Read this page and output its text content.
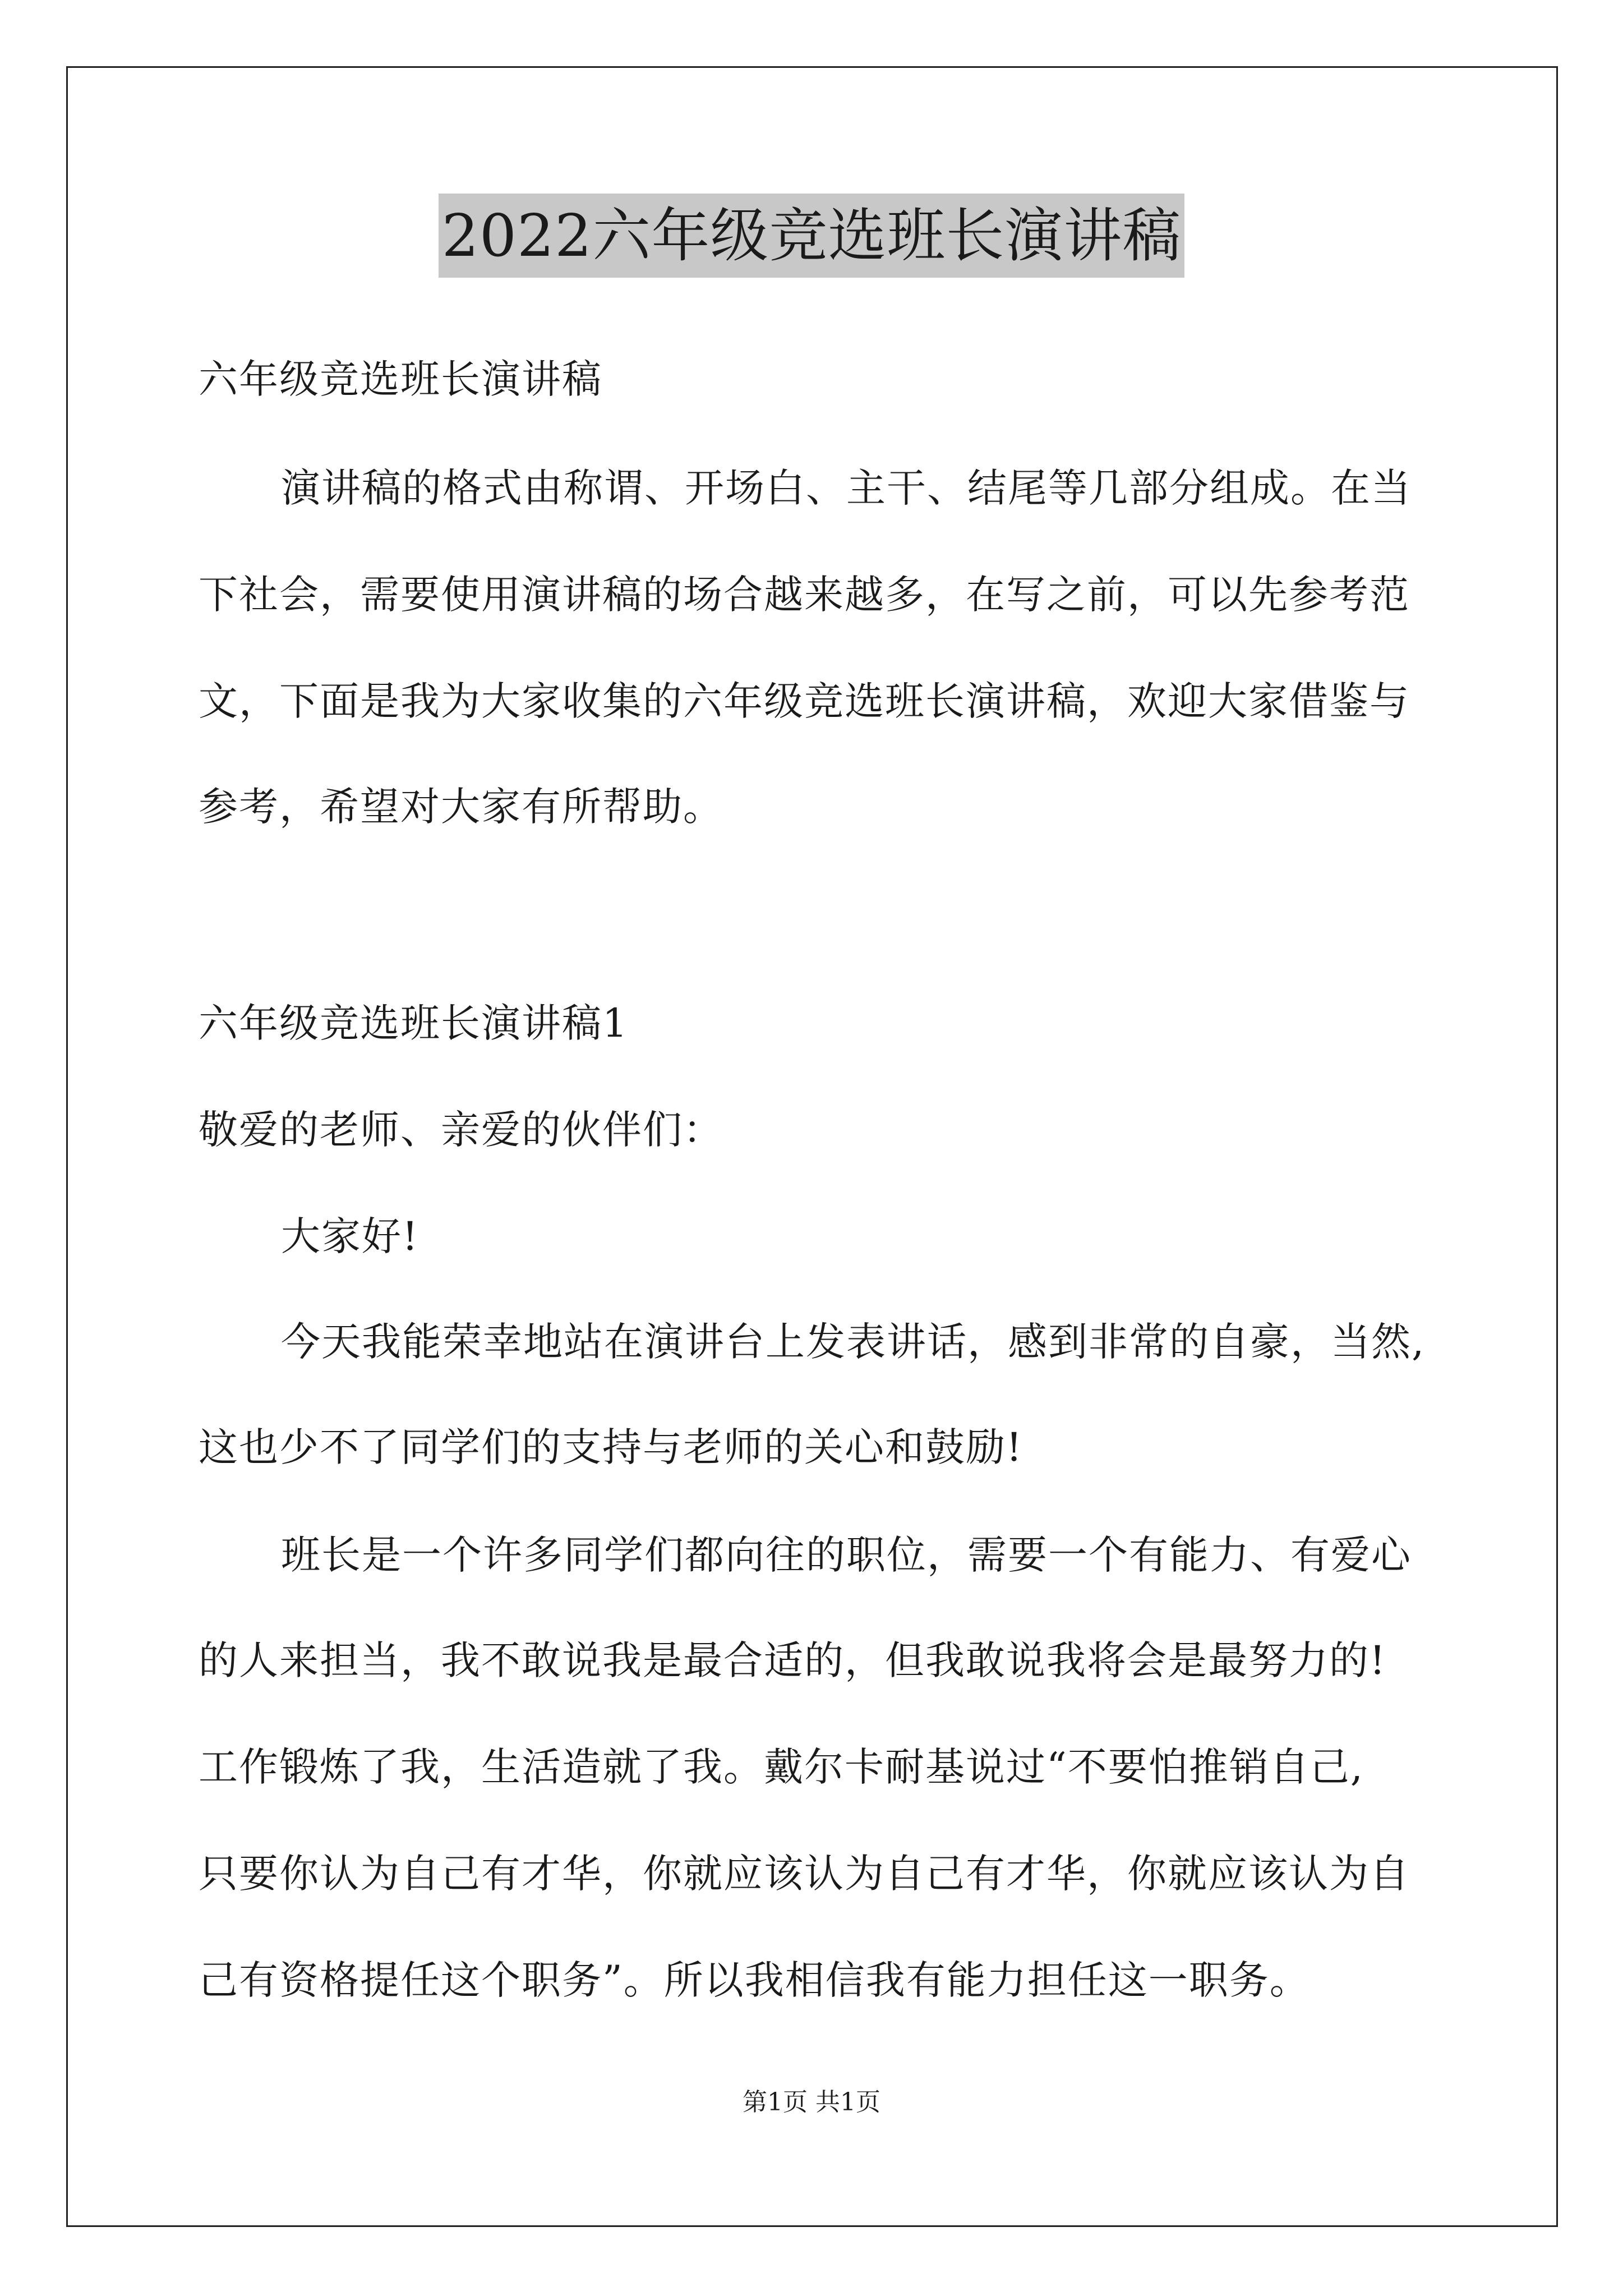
2022六年级竞选班长演讲稿
六年级竞选班长演讲稿
演讲稿的格式由称谓、开场白、主干、结尾等几部分组成。在当
下社会，需要使用演讲稿的场合越来越多，在写之前，可以先参考范
文，下面是我为大家收集的六年级竞选班长演讲稿，欢迎大家借鉴与
参考，希望对大家有所帮助。
六年级竞选班长演讲稿1
敬爱的老师、亲爱的伙伴们：
大家好!
今天我能荣幸地站在演讲台上发表讲话，感到非常的自豪，当然,
这也少不了同学们的支持与老师的关心和鼓励!
班长是一个许多同学们都向往的职位，需要一个有能力、有爱心
的人来担当，我不敢说我是最合适的，但我敢说我将会是最努力的!
工作锻炼了我，生活造就了我。戴尔卡耐基说过“不要怕推销自己,
只要你认为自己有才华，你就应该认为自己有才华，你就应该认为自
己有资格提任这个职务”。所以我相信我有能力担任这一职务。
第1页 共1页
